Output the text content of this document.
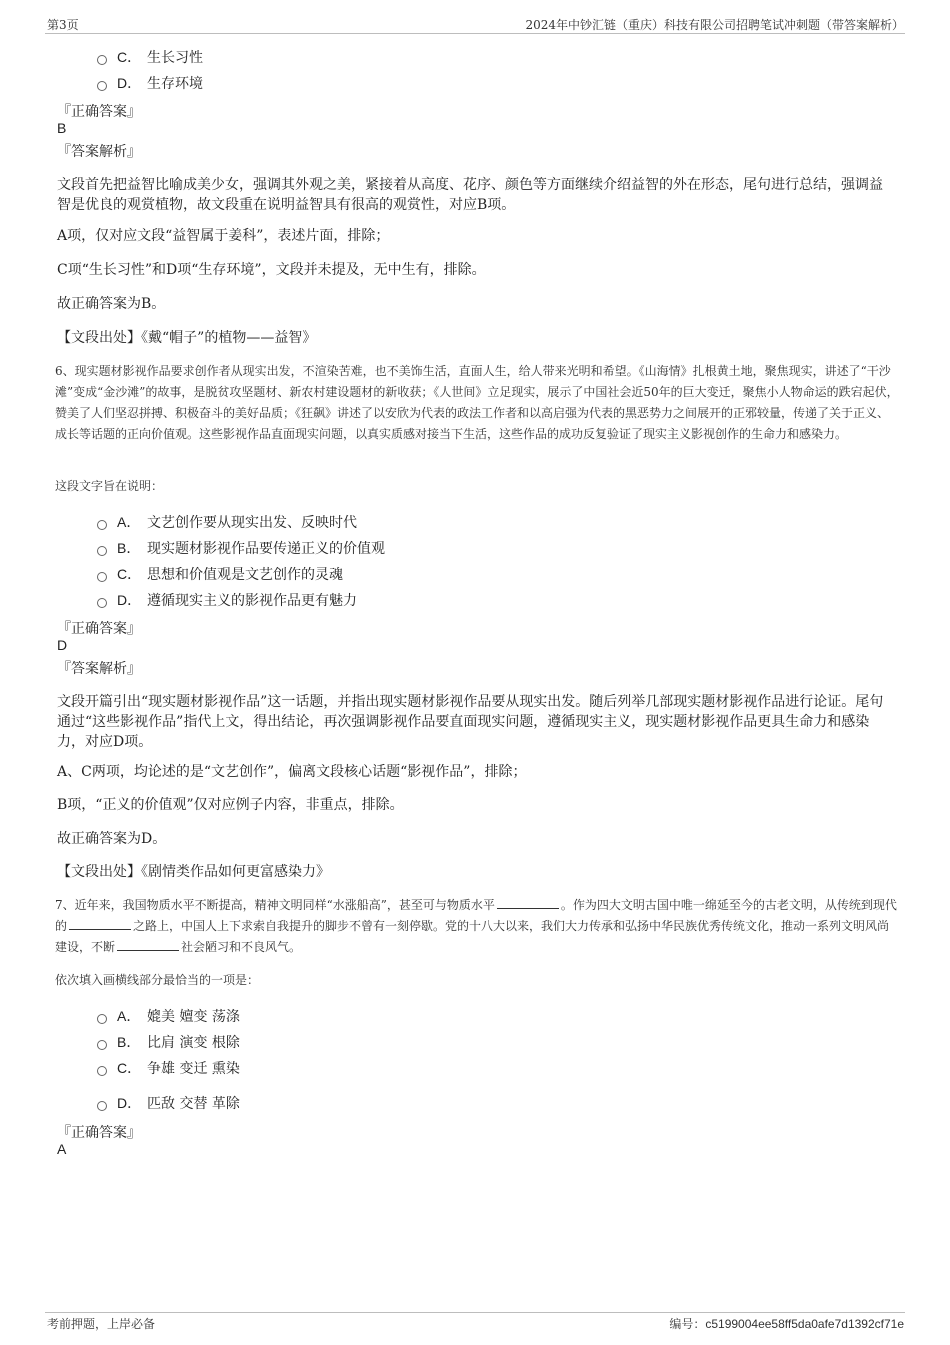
第3页	2024年中钞汇链（重庆）科技有限公司招聘笔试冲刺题（带答案解析）
C． 生长习性
D． 生存环境
『正确答案』
B
『答案解析』
文段首先把益智比喻成美少女，强调其外观之美，紧接着从高度、花序、颜色等方面继续介绍益智的外在形态，尾句进行总结，强调益智是优良的观赏植物，故文段重在说明益智具有很高的观赏性，对应B项。
A项，仅对应文段“益智属于姜科”，表述片面，排除；
C项“生长习性”和D项“生存环境”，文段并未提及，无中生有，排除。
故正确答案为B。
【文段出处】《戴“帽子”的植物——益智》
6、现实题材影视作品要求创作者从现实出发，不渲染苦难，也不美饰生活，直面人生，给人带来光明和希望。《山海情》扎根黄土地，聚焦现实，讲述了“干沙滩”变成“金沙滩”的故事，是脱贫攻坚题材、新农村建设题材的新收获；《人世间》立足现实，展示了中国社会近50年的巨大变迁，聚焦小人物命运的跌宕起伏，赞美了人们坚忍拼搏、积极奋斗的美好品质；《狂飙》讲述了以安欣为代表的政法工作者和以高启强为代表的黑恶势力之间展开的正邪较量，传递了关于正义、成长等话题的正向价值观。这些影视作品直面现实问题，以真实质感对接当下生活，这些作品的成功反复验证了现实主义影视创作的生命力和感染力。
这段文字旨在说明：
A． 文艺创作要从现实出发、反映时代
B． 现实题材影视作品要传递正义的价值观
C． 思想和价值观是文艺创作的灵魂
D． 遵循现实主义的影视作品更有魅力
『正确答案』
D
『答案解析』
文段开篇引出“现实题材影视作品”这一话题，并指出现实题材影视作品要从现实出发。随后列举几部现实题材影视作品进行论证。尾句通过“这些影视作品”指代上文，得出结论，再次强调影视作品要直面现实问题，遵循现实主义，现实题材影视作品更具生命力和感染力，对应D项。
A、C两项，均论述的是“文艺创作”，偏离文段核心话题“影视作品”，排除；
B项，“正义的价值观”仅对应例子内容，非重点，排除。
故正确答案为D。
【文段出处】《剧情类作品如何更富感染力》
7、近年来，我国物质水平不断提高，精神文明同样“水涨船高”，甚至可与物质水平	。作为四大文明古国中唯一绵延至今的古老文明，从传统到现代的	之路上，中国人上下求索自我提升的脚步不曾有一刻停歇。党的十八大以来，我们大力传承和弘扬中华民族优秀传统文化，推动一系列文明风尚建设，不断	社会陋习和不良风气。
依次填入画横线部分最恰当的一项是：
A． 媲美 嬗变 荡涤
B． 比肩 演变 根除
C． 争雄 变迁 熏染
D． 匹敌 交替 革除
『正确答案』
A
考前押题，上岸必备	编号：c5199004ee58ff5da0afe7d1392cf71e
